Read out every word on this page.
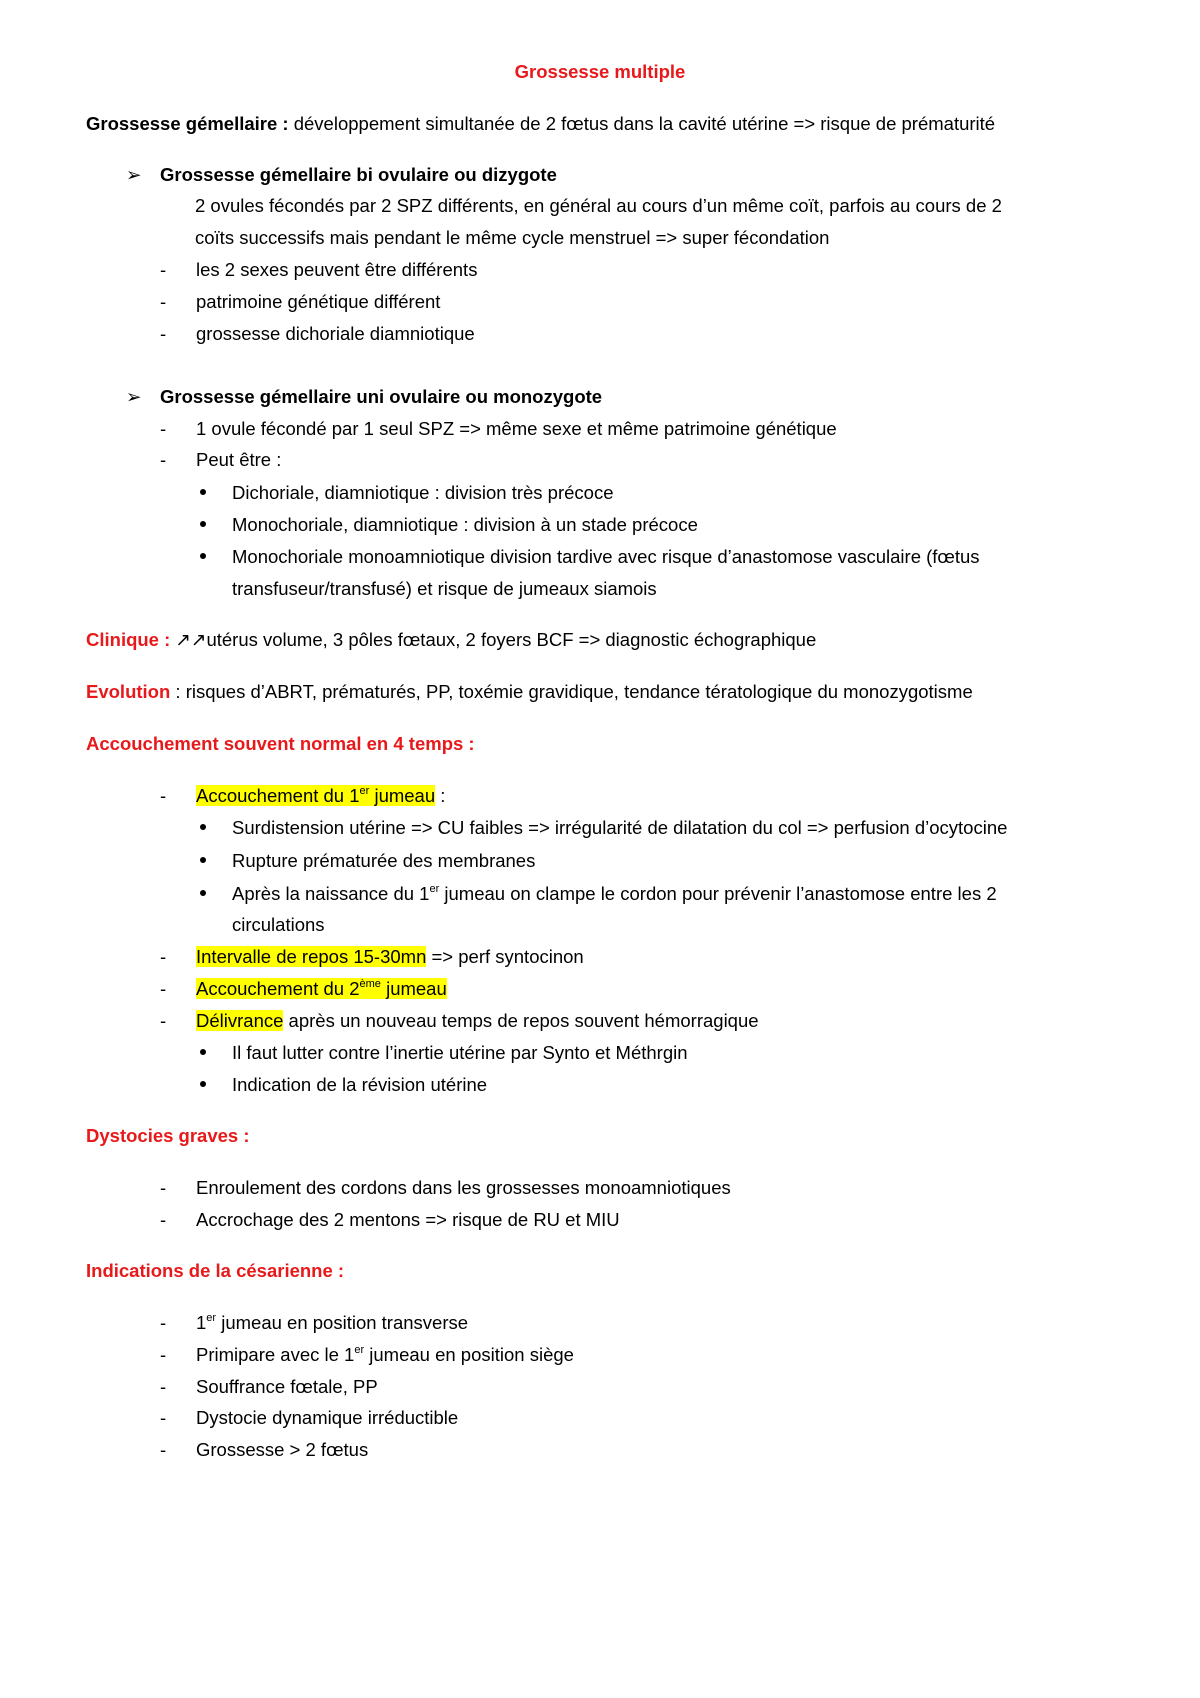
Grossesse multiple
Grossesse gémellaire : développement simultanée de 2 fœtus dans la cavité utérine => risque de prématurité
➢ Grossesse gémellaire bi ovulaire ou dizygote
2 ovules fécondés par 2 SPZ différents, en général au cours d’un même coït, parfois au cours de 2
coïts successifs mais pendant le même cycle menstruel => super fécondation
- les 2 sexes peuvent être différents
- patrimoine génétique différent
- grossesse dichoriale diamniotique
➢ Grossesse gémellaire uni ovulaire ou monozygote
- 1 ovule fécondé par 1 seul SPZ => même sexe et même patrimoine génétique
- Peut être :
Dichoriale, diamniotique : division très précoce
Monochoriale, diamniotique : division à un stade précoce
Monochoriale monoamniotique division tardive avec risque d’anastomose vasculaire (fœtus
transfuseur/transfusé) et risque de jumeaux siamois
Clinique : ↗↗utérus volume, 3 pôles fœtaux, 2 foyers BCF => diagnostic échographique
Evolution : risques d’ABRT, prématurés, PP, toxémie gravidique, tendance tératologique du monozygotisme
Accouchement souvent normal en 4 temps :
- Accouchement du 1er jumeau :
Surdistension utérine => CU faibles => irrégularité de dilatation du col => perfusion d’ocytocine
Rupture prématurée des membranes
Après la naissance du 1er jumeau on clampe le cordon pour prévenir l’anastomose entre les 2
circulations
- Intervalle de repos 15-30mn => perf syntocinon
- Accouchement du 2ème jumeau
- Délivrance après un nouveau temps de repos souvent hémorragique
Il faut lutter contre l’inertie utérine par Synto et Méthrgin
Indication de la révision utérine
Dystocies graves :
- Enroulement des cordons dans les grossesses monoamniotiques
- Accrochage des 2 mentons => risque de RU et MIU
Indications de la césarienne :
- 1er jumeau en position transverse
- Primipare avec le 1er jumeau en position siège
- Souffrance fœtale, PP
- Dystocie dynamique irréductible
- Grossesse > 2 fœtus
